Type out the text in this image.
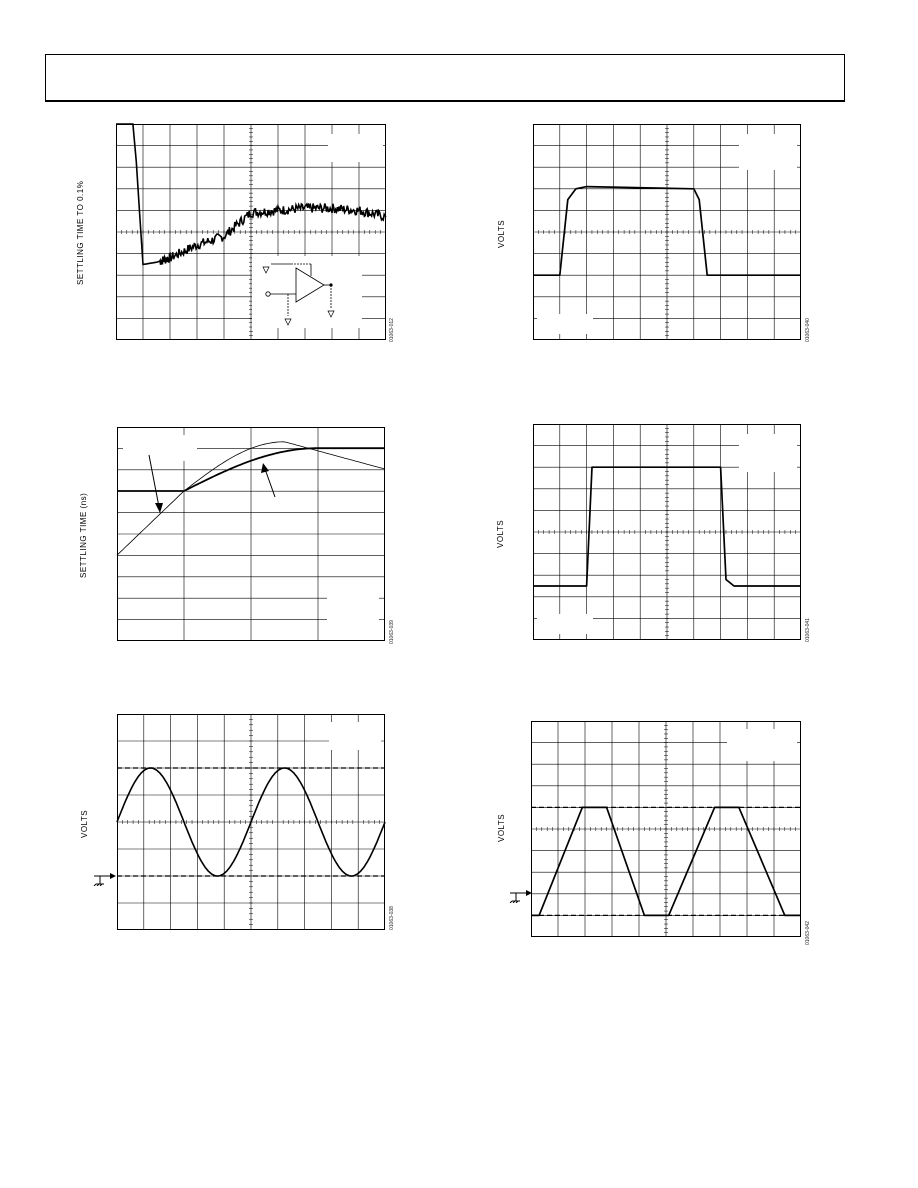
SETTLING TIME TO 0.1%
01063-012
SETTLING TIME (ns)
01063-039
VOLTS
01063-038
VOLTS
01063-040
VOLTS
01063-041
VOLTS
01063-042
